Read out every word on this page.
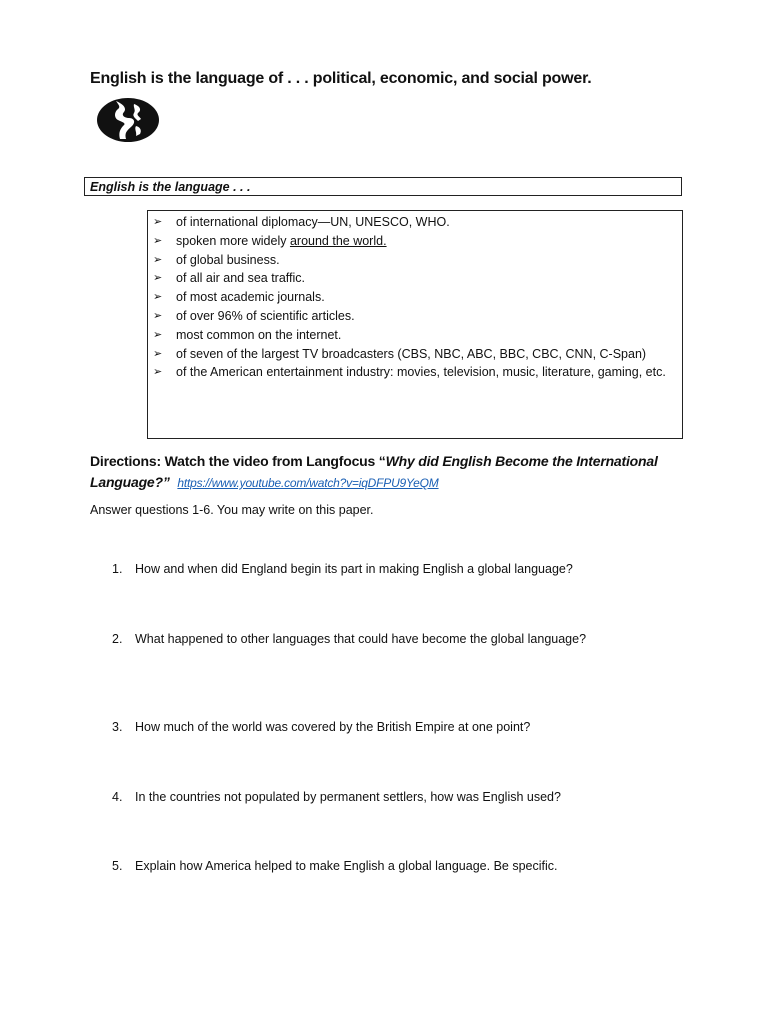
English is the language of . . . political, economic, and social power.
English is the language . . .
➢ of international diplomacy—UN, UNESCO, WHO.
➢ spoken more widely around the world.
➢ of global business.
➢ of all air and sea traffic.
➢ of most academic journals.
➢ of over 96% of scientific articles.
➢ most common on the internet.
➢ of seven of the largest TV broadcasters (CBS, NBC, ABC, BBC, CBC, CNN, C-Span)
➢ of the American entertainment industry: movies, television, music, literature, gaming, etc.
Directions: Watch the video from Langfocus “Why did English Become the International Language?” https://www.youtube.com/watch?v=iqDFPU9YeQM
Answer questions 1-6. You may write on this paper.
1. How and when did England begin its part in making English a global language?
2. What happened to other languages that could have become the global language?
3. How much of the world was covered by the British Empire at one point?
4. In the countries not populated by permanent settlers, how was English used?
5. Explain how America helped to make English a global language. Be specific.
